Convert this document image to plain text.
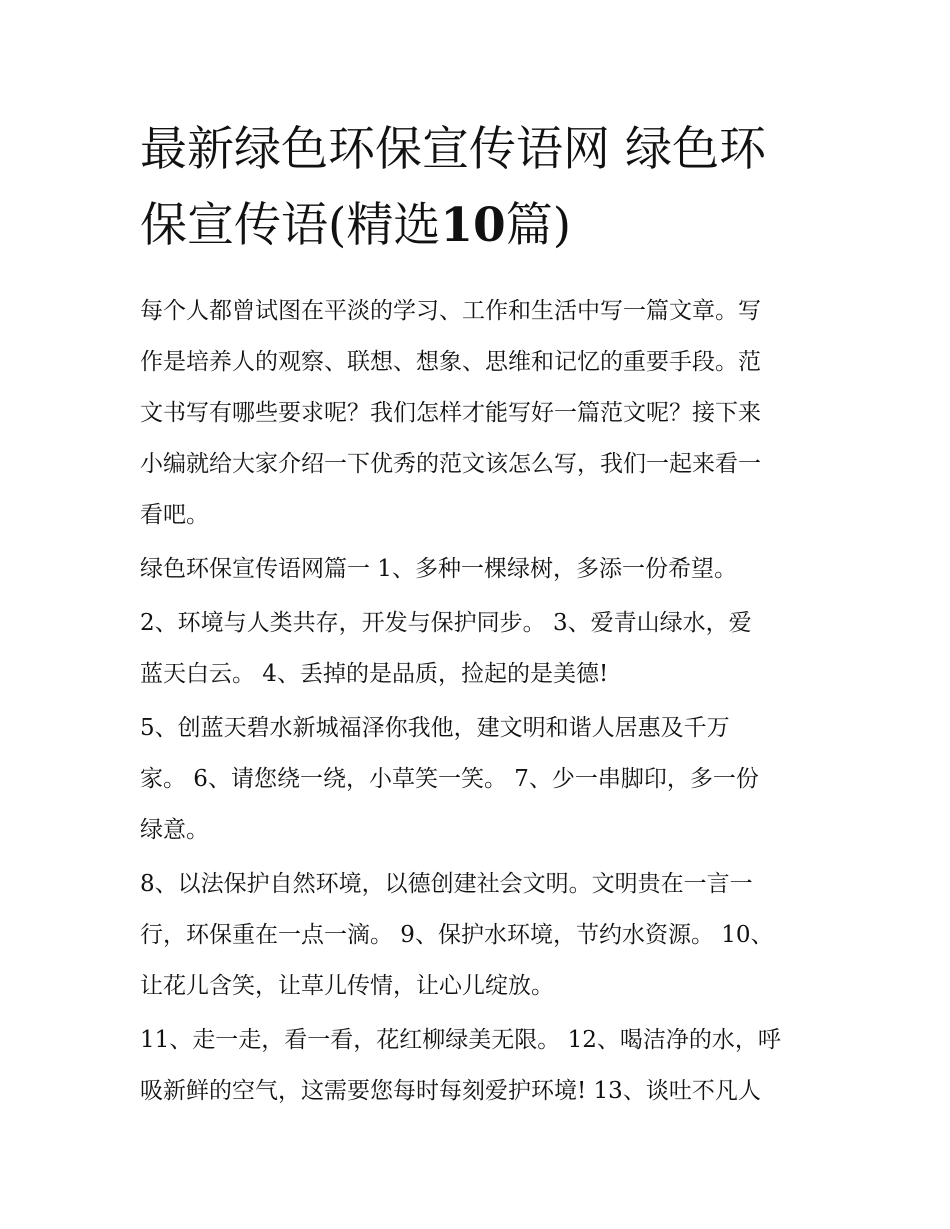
最新绿色环保宣传语网 绿色环
保宣传语(精选10篇)

每个人都曾试图在平淡的学习、工作和生活中写一篇文章。写
作是培养人的观察、联想、想象、思维和记忆的重要手段。范
文书写有哪些要求呢？我们怎样才能写好一篇范文呢？接下来
小编就给大家介绍一下优秀的范文该怎么写，我们一起来看一
看吧。

绿色环保宣传语网篇一 1、多种一棵绿树，多添一份希望。

2、环境与人类共存，开发与保护同步。 3、爱青山绿水，爱
蓝天白云。 4、丢掉的是品质，捡起的是美德!

5、创蓝天碧水新城福泽你我他，建文明和谐人居惠及千万
家。 6、请您绕一绕，小草笑一笑。 7、少一串脚印，多一份
绿意。

8、以法保护自然环境，以德创建社会文明。文明贵在一言一
行，环保重在一点一滴。 9、保护水环境，节约水资源。 10、
让花儿含笑，让草儿传情，让心儿绽放。

11、走一走，看一看，花红柳绿美无限。 12、喝洁净的水，呼
吸新鲜的空气，这需要您每时每刻爱护环境! 13、谈吐不凡人
